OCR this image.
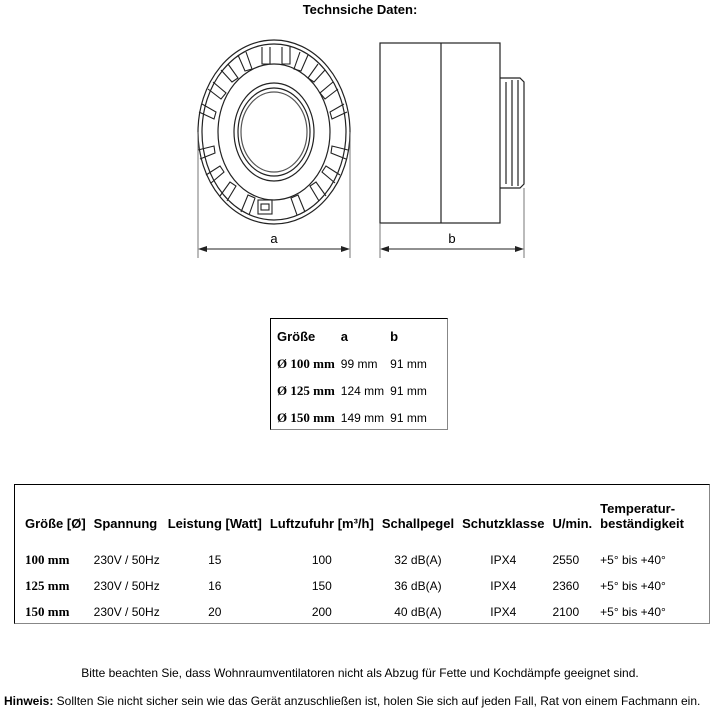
Technsiche Daten:
a	b
Größe	a	b
Ø 100 mm	99 mm	91 mm
Ø 125 mm	124 mm	91 mm
Ø 150 mm	149 mm	91 mm
Größe [Ø]	Spannung	Leistung [Watt]	Luftzufuhr [m³/h]	Schallpegel	Schutzklasse	U/min.	Temperatur-
beständigkeit

100 mm	230V / 50Hz	15	100	32 dB(A)	IPX4	2550	+5° bis +40°
125 mm	230V / 50Hz	16	150	36 dB(A)	IPX4	2360	+5° bis +40°
150 mm	230V / 50Hz	20	200	40 dB(A)	IPX4	2100	+5° bis +40°
Bitte beachten Sie, dass Wohnraumventilatoren nicht als Abzug für Fette und Kochdämpfe geeignet sind.
Hinweis: Sollten Sie nicht sicher sein wie das Gerät anzuschließen ist, holen Sie sich auf jeden Fall, Rat von einem Fachmann ein.
